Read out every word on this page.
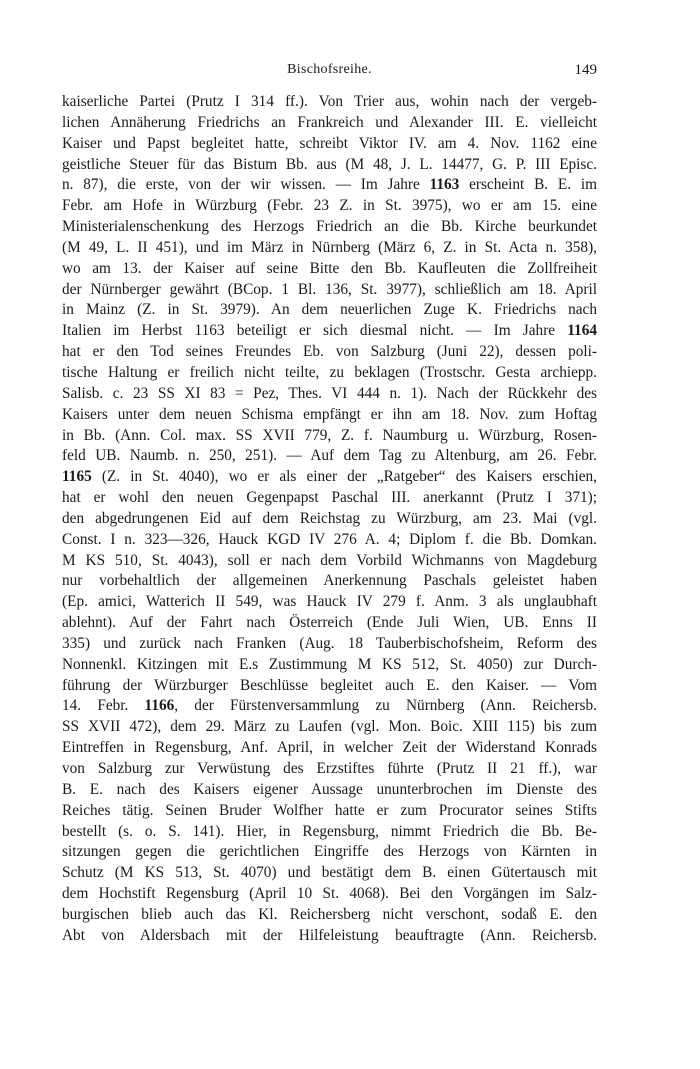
Bischofsreihe.	149
kaiserliche Partei (Prutz I 314 ff.). Von Trier aus, wohin nach der vergeb-
lichen Annäherung Friedrichs an Frankreich und Alexander III. E. vielleicht
Kaiser und Papst begleitet hatte, schreibt Viktor IV. am 4. Nov. 1162 eine
geistliche Steuer für das Bistum Bb. aus (M 48, J. L. 14477, G. P. III Episc.
n. 87), die erste, von der wir wissen. — Im Jahre 1163 erscheint B. E. im
Febr. am Hofe in Würzburg (Febr. 23 Z. in St. 3975), wo er am 15. eine
Ministerialenschenkung des Herzogs Friedrich an die Bb. Kirche beurkundet
(M 49, L. II 451), und im März in Nürnberg (März 6, Z. in St. Acta n. 358),
wo am 13. der Kaiser auf seine Bitte den Bb. Kaufleuten die Zollfreiheit
der Nürnberger gewährt (BCop. 1 Bl. 136, St. 3977), schließlich am 18. April
in Mainz (Z. in St. 3979). An dem neuerlichen Zuge K. Friedrichs nach
Italien im Herbst 1163 beteiligt er sich diesmal nicht. — Im Jahre 1164
hat er den Tod seines Freundes Eb. von Salzburg (Juni 22), dessen poli-
tische Haltung er freilich nicht teilte, zu beklagen (Trostschr. Gesta archiepp.
Salisb. c. 23 SS XI 83 = Pez, Thes. VI 444 n. 1). Nach der Rückkehr des
Kaisers unter dem neuen Schisma empfängt er ihn am 18. Nov. zum Hoftag
in Bb. (Ann. Col. max. SS XVII 779, Z. f. Naumburg u. Würzburg, Rosen-
feld UB. Naumb. n. 250, 251). — Auf dem Tag zu Altenburg, am 26. Febr.
1165 (Z. in St. 4040), wo er als einer der „Ratgeber“ des Kaisers erschien,
hat er wohl den neuen Gegenpapst Paschal III. anerkannt (Prutz I 371);
den abgedrungenen Eid auf dem Reichstag zu Würzburg, am 23. Mai (vgl.
Const. I n. 323—326, Hauck KGD IV 276 A. 4; Diplom f. die Bb. Domkan.
M KS 510, St. 4043), soll er nach dem Vorbild Wichmanns von Magdeburg
nur vorbehaltlich der allgemeinen Anerkennung Paschals geleistet haben
(Ep. amici, Watterich II 549, was Hauck IV 279 f. Anm. 3 als unglaubhaft
ablehnt). Auf der Fahrt nach Österreich (Ende Juli Wien, UB. Enns II
335) und zurück nach Franken (Aug. 18 Tauberbischofsheim, Reform des
Nonnenkl. Kitzingen mit E.s Zustimmung M KS 512, St. 4050) zur Durch-
führung der Würzburger Beschlüsse begleitet auch E. den Kaiser. — Vom
14. Febr. 1166, der Fürstenversammlung zu Nürnberg (Ann. Reichersb.
SS XVII 472), dem 29. März zu Laufen (vgl. Mon. Boic. XIII 115) bis zum
Eintreffen in Regensburg, Anf. April, in welcher Zeit der Widerstand Konrads
von Salzburg zur Verwüstung des Erzstiftes führte (Prutz II 21 ff.), war
B. E. nach des Kaisers eigener Aussage ununterbrochen im Dienste des
Reiches tätig. Seinen Bruder Wolfher hatte er zum Procurator seines Stifts
bestellt (s. o. S. 141). Hier, in Regensburg, nimmt Friedrich die Bb. Be-
sitzungen gegen die gerichtlichen Eingriffe des Herzogs von Kärnten in
Schutz (M KS 513, St. 4070) und bestätigt dem B. einen Gütertausch mit
dem Hochstift Regensburg (April 10 St. 4068). Bei den Vorgängen im Salz-
burgischen blieb auch das Kl. Reichersberg nicht verschont, sodaß E. den
Abt von Aldersbach mit der Hilfeleistung beauftragte (Ann. Reichersb.
